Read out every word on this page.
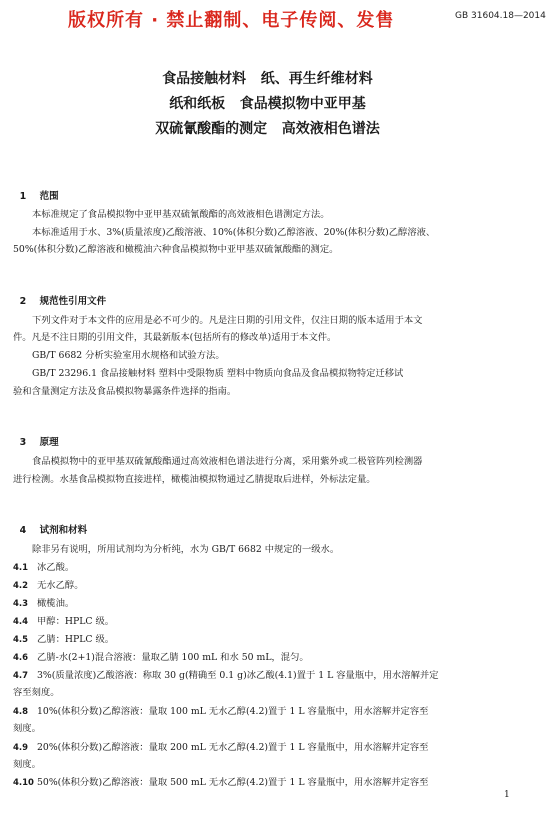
版权所有 · 禁止翻制、电子传阅、发售	GB 31604.18—2014
食品接触材料   纸、再生纤维材料
纸和纸板   食品模拟物中亚甲基
双硫氰酸酯的测定   高效液相色谱法

1 范围

本标准规定了食品模拟物中亚甲基双硫氰酸酯的高效液相色谱测定方法。
本标准适用于水、3%(质量浓度)乙酸溶液、10%(体积分数)乙醇溶液、20%(体积分数)乙醇溶液、
50%(体积分数)乙醇溶液和橄榄油六种食品模拟物中亚甲基双硫氰酸酯的测定。

2 规范性引用文件

下列文件对于本文件的应用是必不可少的。凡是注日期的引用文件，仅注日期的版本适用于本文
件。凡是不注日期的引用文件，其最新版本(包括所有的修改单)适用于本文件。
GB/T 6682 分析实验室用水规格和试验方法。
GB/T 23296.1 食品接触材料 塑料中受限物质 塑料中物质向食品及食品模拟物特定迁移试
验和含量测定方法及食品模拟物暴露条件选择的指南。

3 原理

食品模拟物中的亚甲基双硫氰酸酯通过高效液相色谱法进行分离，采用紫外或二极管阵列检测器
进行检测。水基食品模拟物直接进样，橄榄油模拟物通过乙腈提取后进样，外标法定量。

4 试剂和材料

除非另有说明，所用试剂均为分析纯，水为 GB/T 6682 中规定的一级水。
4.1 冰乙酸。
4.2 无水乙醇。
4.3 橄榄油。
4.4 甲醇：HPLC 级。
4.5 乙腈：HPLC 级。
4.6 乙腈-水(2+1)混合溶液：量取乙腈 100 mL 和水 50 mL，混匀。
4.7 3%(质量浓度)乙酸溶液：称取 30 g(精确至 0.1 g)冰乙酸(4.1)置于 1 L 容量瓶中，用水溶解并定
容至刻度。
4.8 10%(体积分数)乙醇溶液：量取 100 mL 无水乙醇(4.2)置于 1 L 容量瓶中，用水溶解并定容至
刻度。
4.9 20%(体积分数)乙醇溶液：量取 200 mL 无水乙醇(4.2)置于 1 L 容量瓶中，用水溶解并定容至
刻度。
4.10 50%(体积分数)乙醇溶液：量取 500 mL 无水乙醇(4.2)置于 1 L 容量瓶中，用水溶解并定容至
1
